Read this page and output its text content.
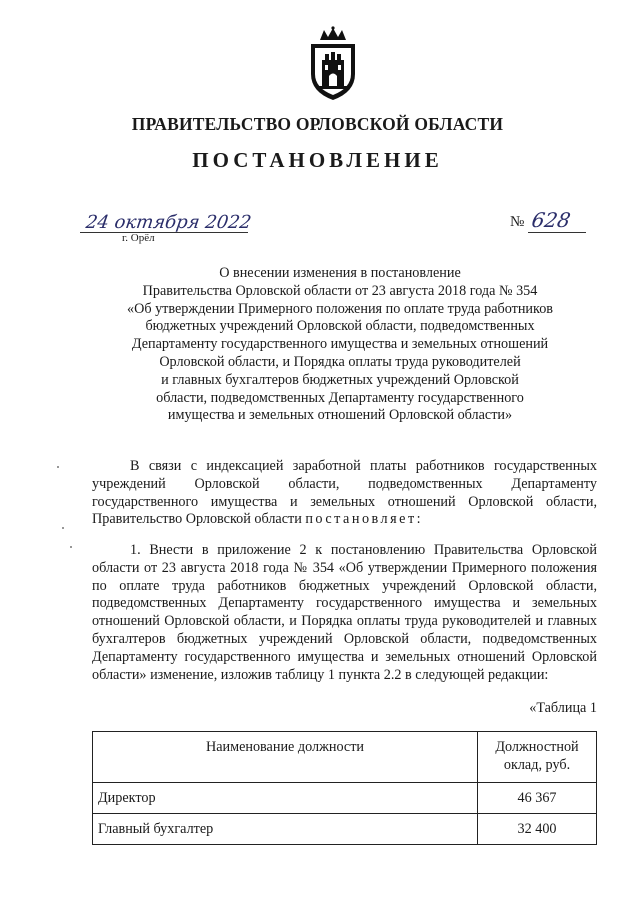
ПРАВИТЕЛЬСТВО ОРЛОВСКОЙ ОБЛАСТИ
ПОСТАНОВЛЕНИЕ
24 октября 2022
г. Орёл
№ 628
О внесении изменения в постановление
Правительства Орловской области от 23 августа 2018 года № 354
«Об утверждении Примерного положения по оплате труда работников
бюджетных учреждений Орловской области, подведомственных
Департаменту государственного имущества и земельных отношений
Орловской области, и Порядка оплаты труда руководителей
и главных бухгалтеров бюджетных учреждений Орловской
области, подведомственных Департаменту государственного
имущества и земельных отношений Орловской области»
В связи с индексацией заработной платы работников государственных учреждений Орловской области, подведомственных Департаменту государственного имущества и земельных отношений Орловской области, Правительство Орловской области постановляет:
1. Внести в приложение 2 к постановлению Правительства Орловской области от 23 августа 2018 года № 354 «Об утверждении Примерного положения по оплате труда работников бюджетных учреждений Орловской области, подведомственных Департаменту государственного имущества и земельных отношений Орловской области, и Порядка оплаты труда руководителей и главных бухгалтеров бюджетных учреждений Орловской области, подведомственных Департаменту государственного имущества и земельных отношений Орловской области» изменение, изложив таблицу 1 пункта 2.2 в следующей редакции:
«Таблица 1
Наименование должности	Должностной оклад, руб.
Директор	46 367
Главный бухгалтер	32 400
